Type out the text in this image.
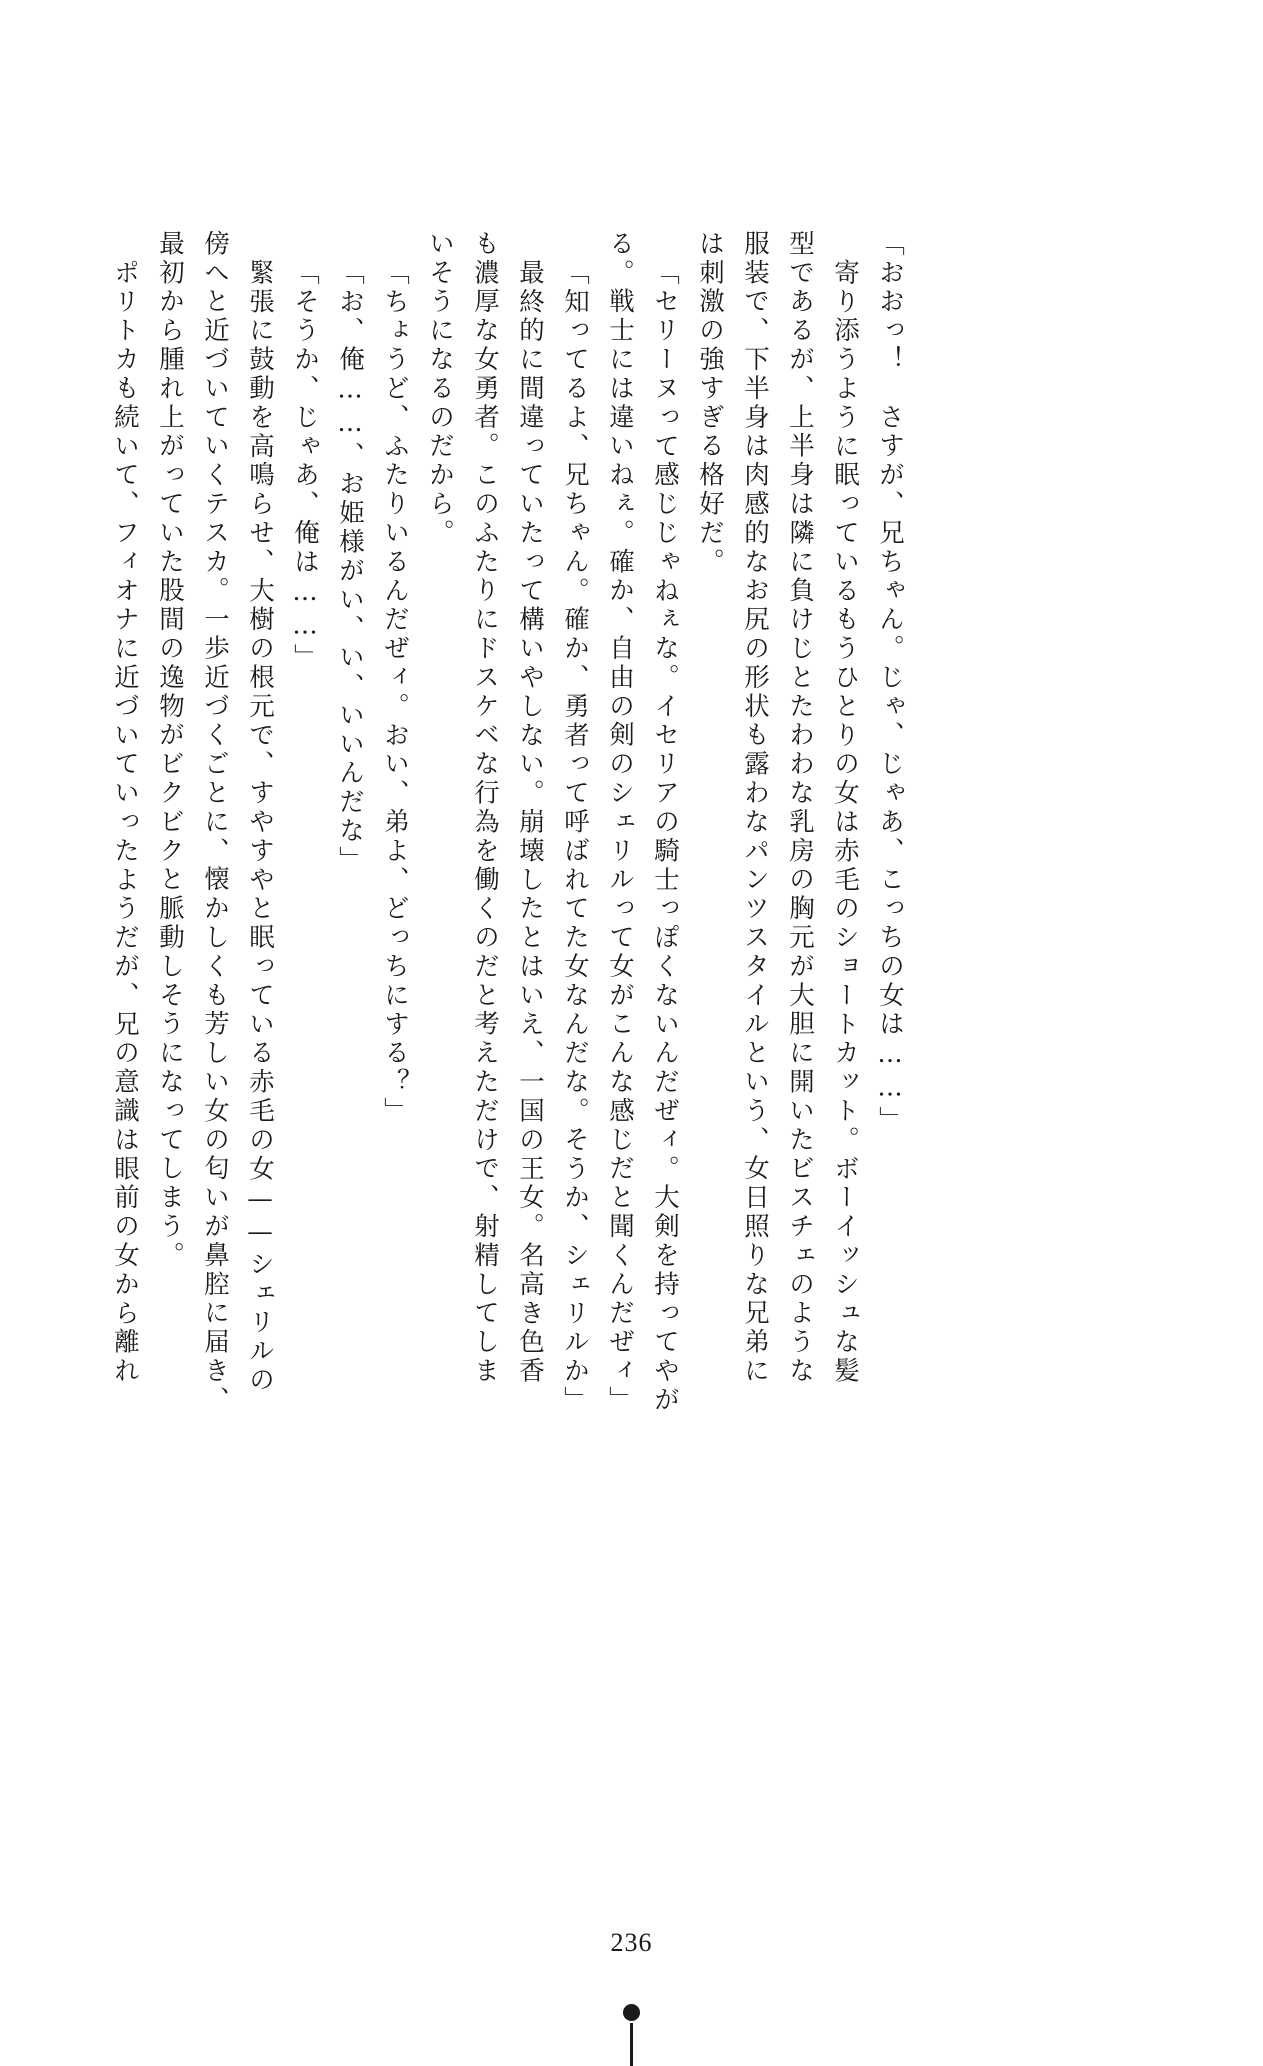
ポリトカも続いて、フィオナに近づいていったようだが、兄の意識は眼前の女から離れ 最初から腫れ上がっていた股間の逸物がビクビクと脈動しそうになってしまう。 傍へと近づいていくテスカ。一歩近づくごとに、懐かしくも芳しい女の匂いが鼻腔に届き、 緊張に鼓動を高鳴らせ、大樹の根元で、すやすやと眠っている赤毛の女——シェリルの 「そうか、じゃあ、俺は……」 「お、俺……、お姫様がい、い、いいんだな」 「ちょうど、ふたりいるんだぜィ。おい、弟よ、どっちにする？」 いそうになるのだから。 も濃厚な女勇者。このふたりにドスケベな行為を働くのだと考えただけで、射精してしま 最終的に間違っていたって構いやしない。崩壊したとはいえ、一国の王女。名高き色香 「知ってるよ、兄ちゃん。確か、勇者って呼ばれてた女なんだな。そうか、シェリルか」 る。戦士には違いねぇ。確か、自由の剣のシェリルって女がこんな感じだと聞くんだぜィ」 「セリーヌって感じじゃねぇな。イセリアの騎士っぽくないんだぜィ。大剣を持ってやが は刺激の強すぎる格好だ。 服装で、下半身は肉感的なお尻の形状も露わなパンツスタイルという、女日照りな兄弟に 型であるが、上半身は隣に負けじとたわわな乳房の胸元が大胆に開いたビスチェのような 寄り添うように眠っているもうひとりの女は赤毛のショートカット。ボーイッシュな髪 「おおっ！　さすが、兄ちゃん。じゃ、じゃあ、こっちの女は……」
236
